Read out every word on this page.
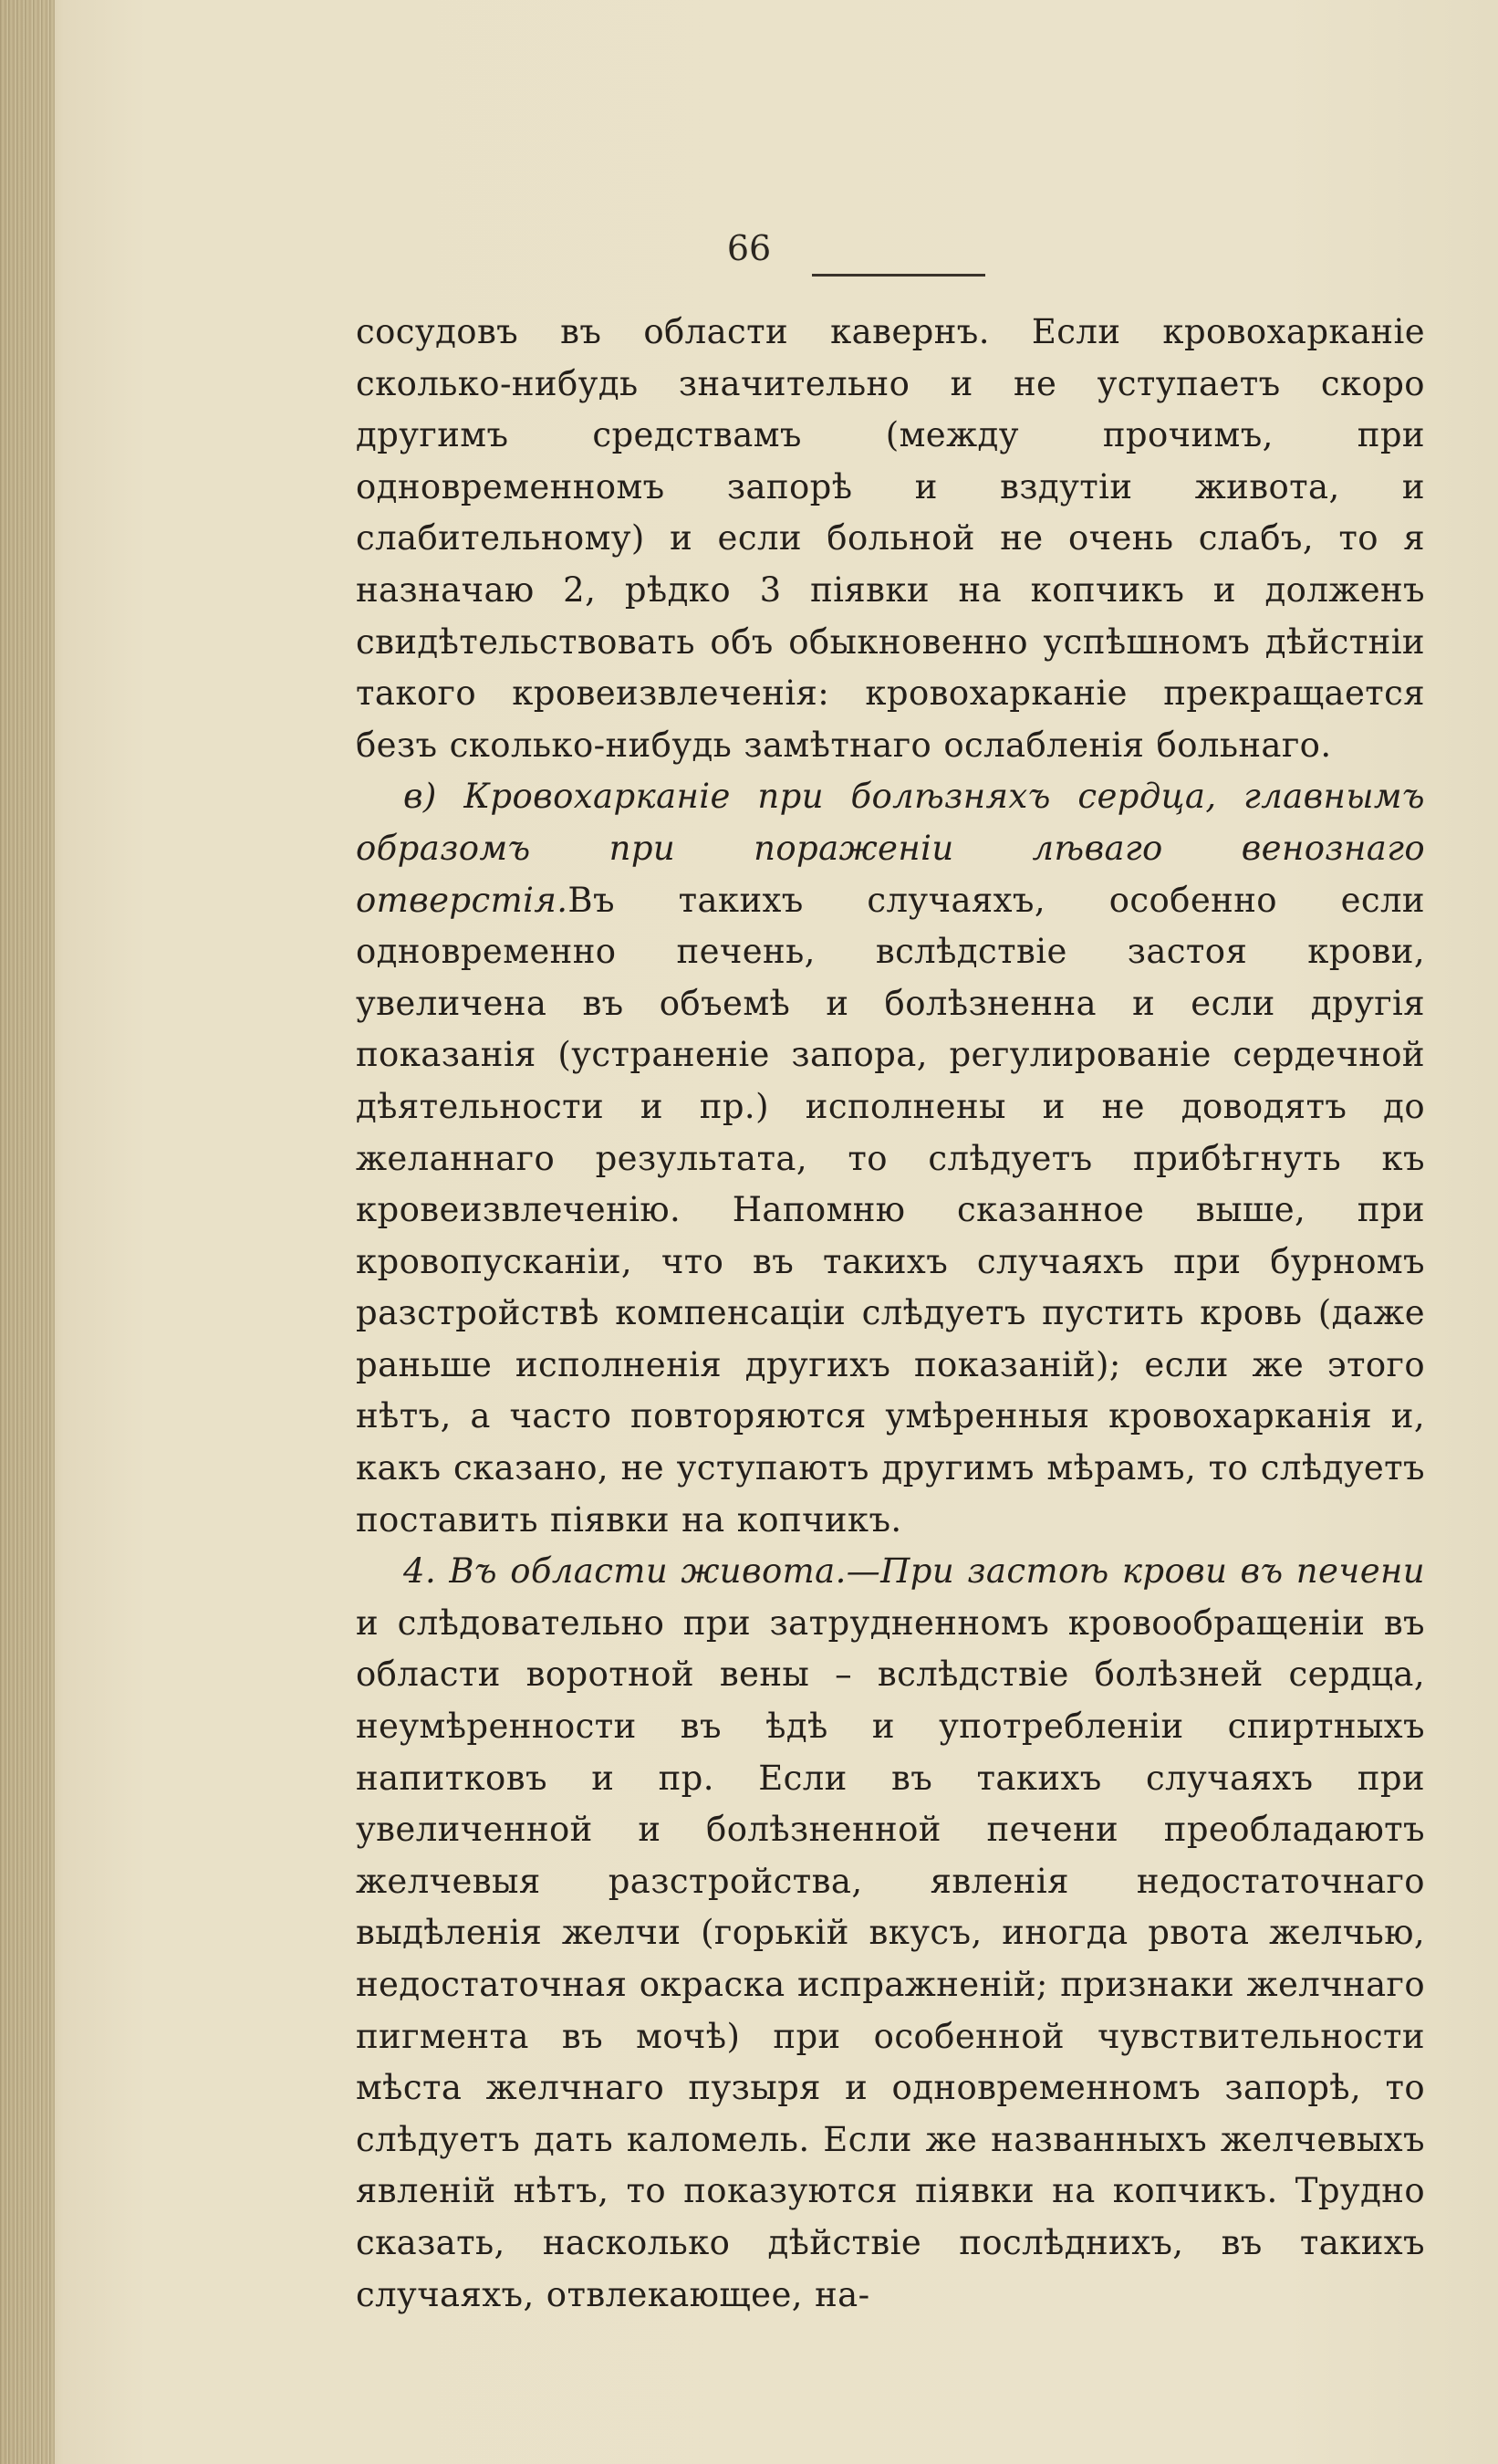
66

сосудовъ въ области кавернъ. Если кровохарканіе сколько-нибудь значительно и не уступаетъ скоро другимъ средствамъ (между прочимъ, при одновременномъ запорѣ и вздутіи живота, и слабительному) и если больной не очень слабъ, то я назначаю 2, рѣдко 3 піявки на копчикъ и долженъ свидѣтельствовать объ обыкновенно успѣшномъ дѣйстніи такого кровеизвлеченія: кровохарканіе прекращается безъ сколько-нибудь замѣтнаго ослабленія больнаго.

в) Кровохарканіе при болѣзняхъ сердца, главнымъ образомъ при пораженіи лѣваго венознаго отверстія.Въ такихъ случаяхъ, особенно если одновременно печень, вслѣдствіе застоя крови, увеличена въ объемѣ и болѣзненна и если другія показанія (устраненіе запора, регулированіе сердечной дѣятельности и пр.) исполнены и не доводятъ до желаннаго результата, то слѣдуетъ прибѣгнуть къ кровеизвлеченію. Напомню сказанное выше, при кровопусканіи, что въ такихъ случаяхъ при бурномъ разстройствѣ компенсаціи слѣдуетъ пустить кровь (даже раньше исполненія другихъ показаній); если же этого нѣтъ, а часто повторяются умѣренныя кровохарканія и, какъ сказано, не уступаютъ другимъ мѣрамъ, то слѣдуетъ поставить піявки на копчикъ.

4. Въ области живота.—При застоѣ крови въ печени и слѣдовательно при затрудненномъ кровообращеніи въ области воротной вены – вслѣдствіе болѣзней сердца, неумѣренности въ ѣдѣ и употребленіи спиртныхъ напитковъ и пр. Если въ такихъ случаяхъ при увеличенной и болѣзненной печени преобладаютъ желчевыя разстройства, явленія недостаточнаго выдѣленія желчи (горькій вкусъ, иногда рвота желчью, недостаточная окраска испражненій; признаки желчнаго пигмента въ мочѣ) при особенной чувствительности мѣста желчнаго пузыря и одновременномъ запорѣ, то слѣдуетъ дать каломель. Если же названныхъ желчевыхъ явленій нѣтъ, то показуются піявки на копчикъ. Трудно сказать, насколько дѣйствіе послѣднихъ, въ такихъ случаяхъ, отвлекающее, на-
